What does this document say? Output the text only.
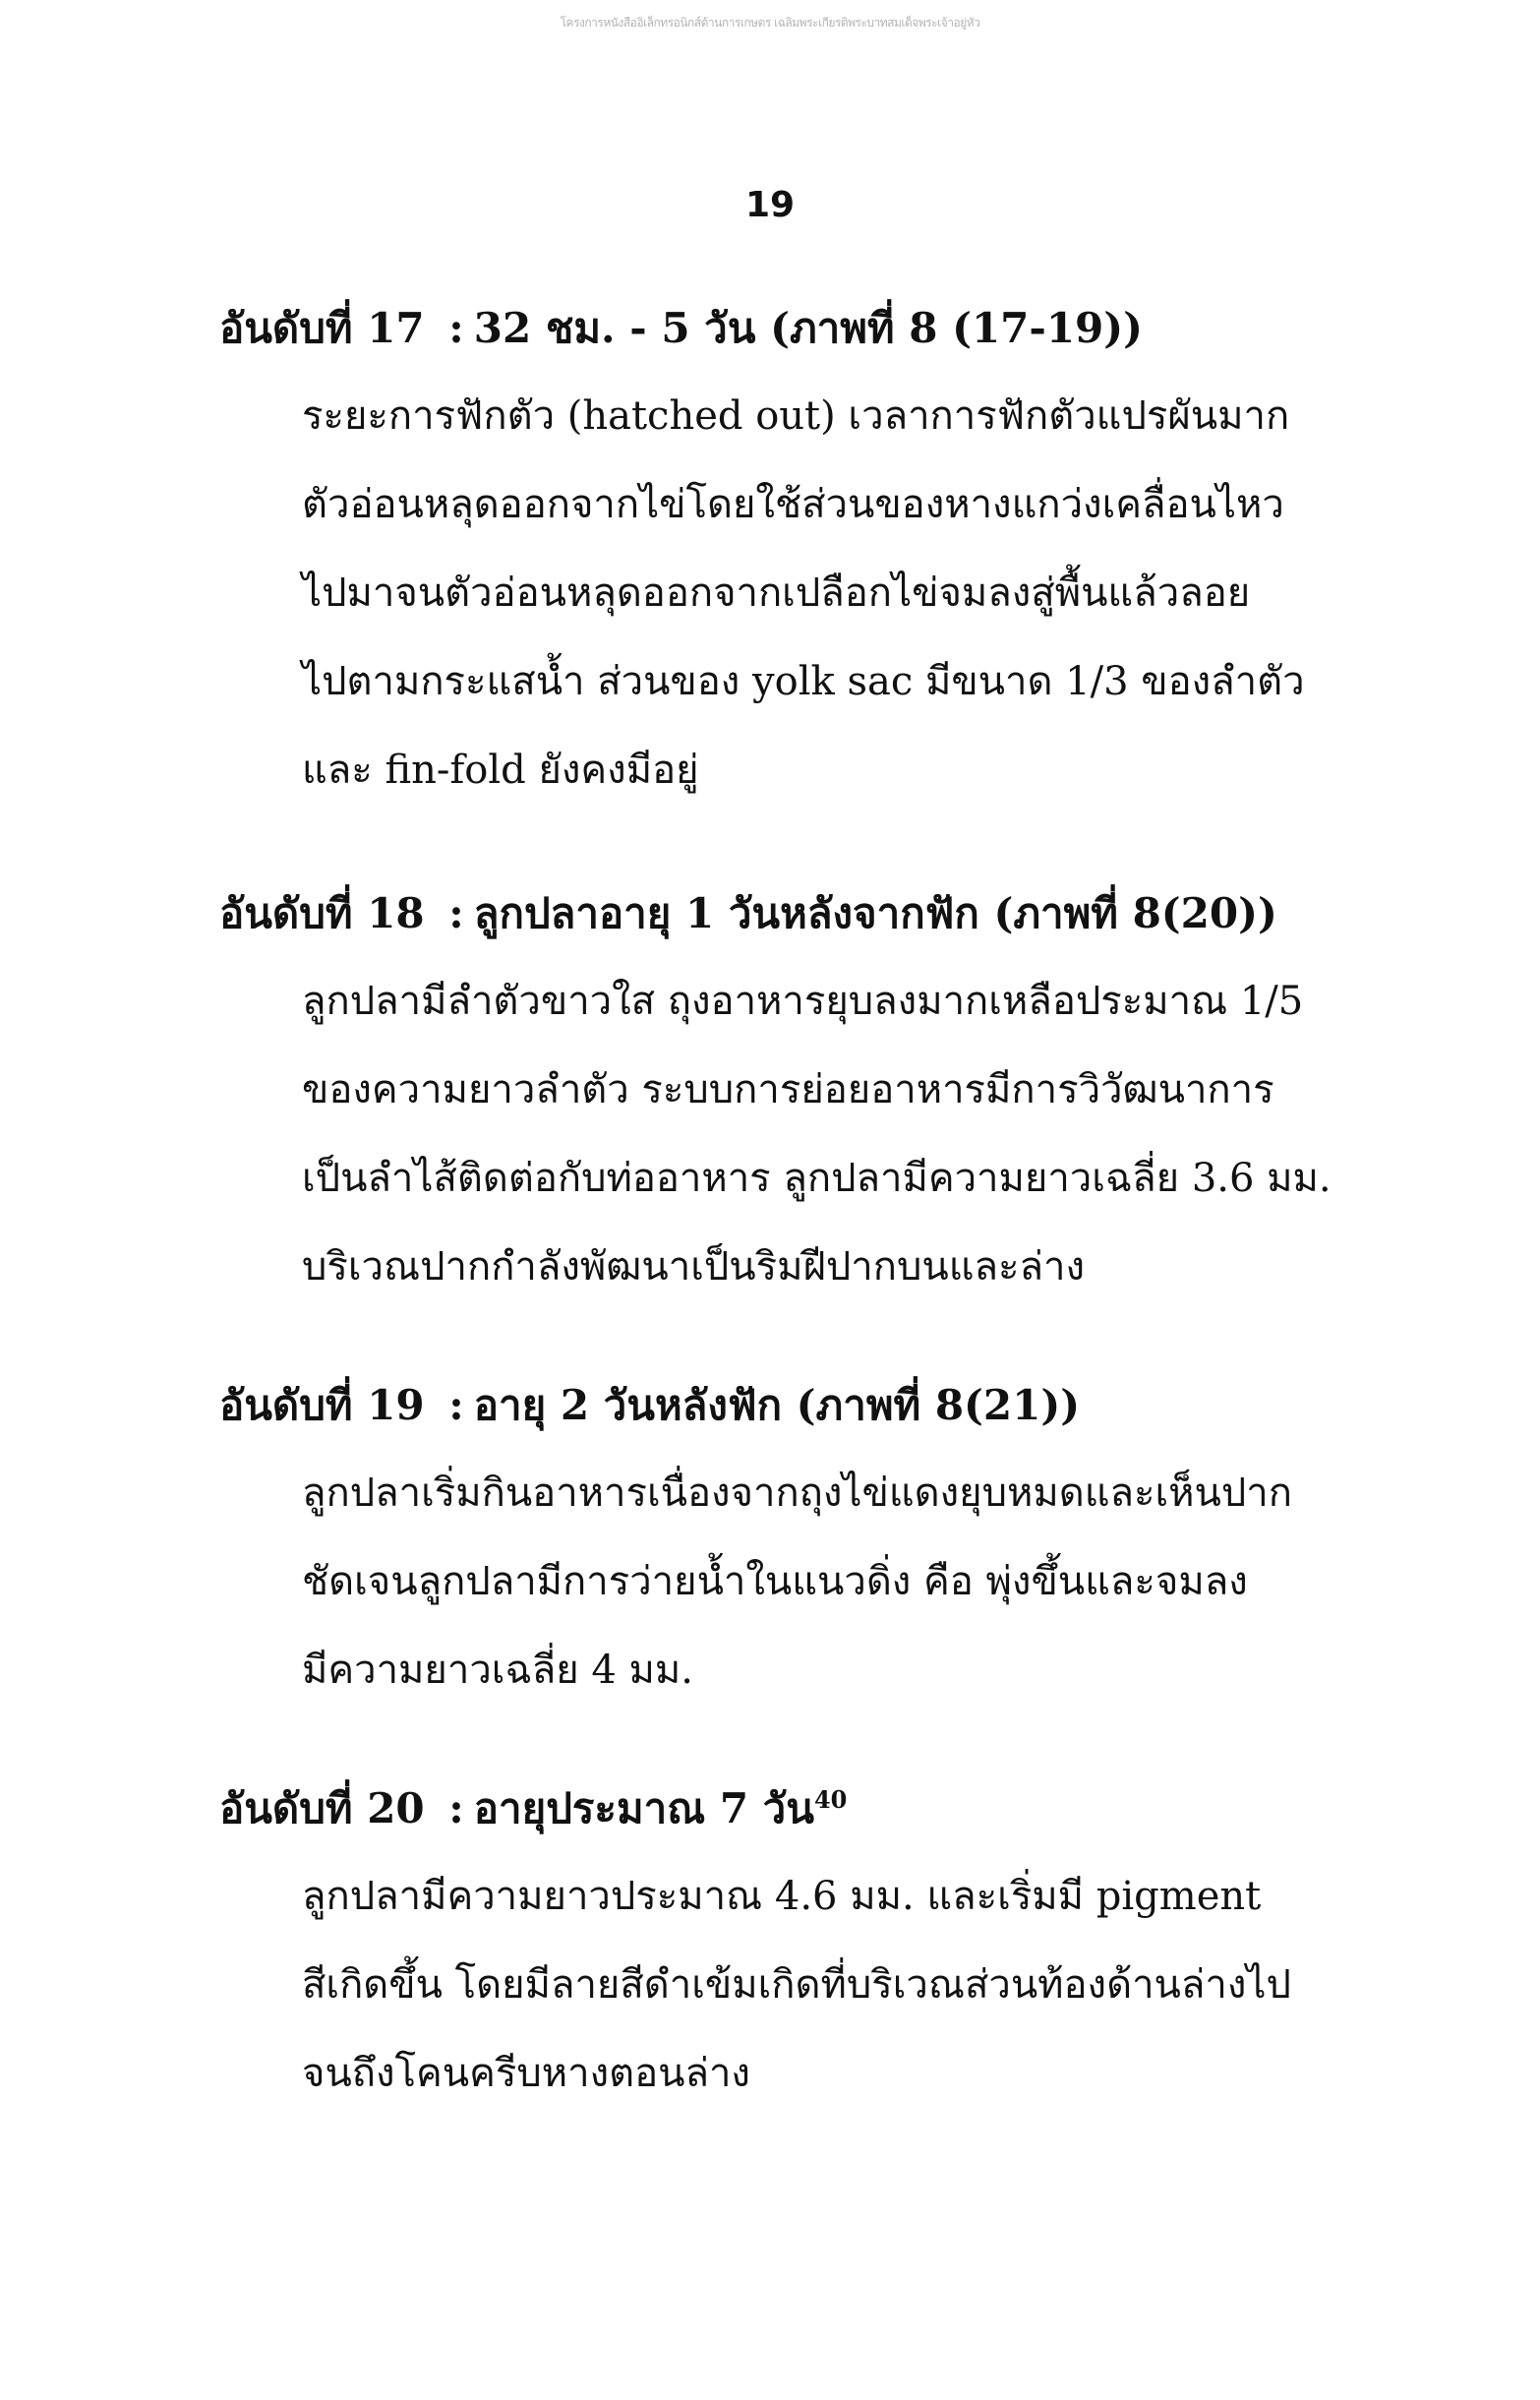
โครงการหนังสืออิเล็กทรอนิกส์ด้านการเกษตร เฉลิมพระเกียรติพระบาทสมเด็จพระเจ้าอยู่หัว
19
อันดับที่ 17 : 32 ชม. - 5 วัน (ภาพที่ 8 (17-19))
ระยะการฟักตัว (hatched out) เวลาการฟักตัวแปรผันมาก
ตัวอ่อนหลุดออกจากไข่โดยใช้ส่วนของหางแกว่งเคลื่อนไหว
ไปมาจนตัวอ่อนหลุดออกจากเปลือกไข่จมลงสู่พื้นแล้วลอย
ไปตามกระแสน้ำ ส่วนของ yolk sac มีขนาด 1/3 ของลำตัว
และ fin-fold ยังคงมีอยู่
อันดับที่ 18 : ลูกปลาอายุ 1 วันหลังจากฟัก (ภาพที่ 8(20))
ลูกปลามีลำตัวขาวใส ถุงอาหารยุบลงมากเหลือประมาณ 1/5
ของความยาวลำตัว ระบบการย่อยอาหารมีการวิวัฒนาการ
เป็นลำไส้ติดต่อกับท่ออาหาร ลูกปลามีความยาวเฉลี่ย 3.6 มม.
บริเวณปากกำลังพัฒนาเป็นริมฝีปากบนและล่าง
อันดับที่ 19 : อายุ 2 วันหลังฟัก (ภาพที่ 8(21))
ลูกปลาเริ่มกินอาหารเนื่องจากถุงไข่แดงยุบหมดและเห็นปาก
ชัดเจนลูกปลามีการว่ายน้ำในแนวดิ่ง คือ พุ่งขึ้นและจมลง
มีความยาวเฉลี่ย 4 มม.
อันดับที่ 20 : อายุประมาณ 7 วัน$^{40}$
ลูกปลามีความยาวประมาณ 4.6 มม. และเริ่มมี pigment
สีเกิดขึ้น โดยมีลายสีดำเข้มเกิดที่บริเวณส่วนท้องด้านล่างไป
จนถึงโคนครีบหางตอนล่าง
